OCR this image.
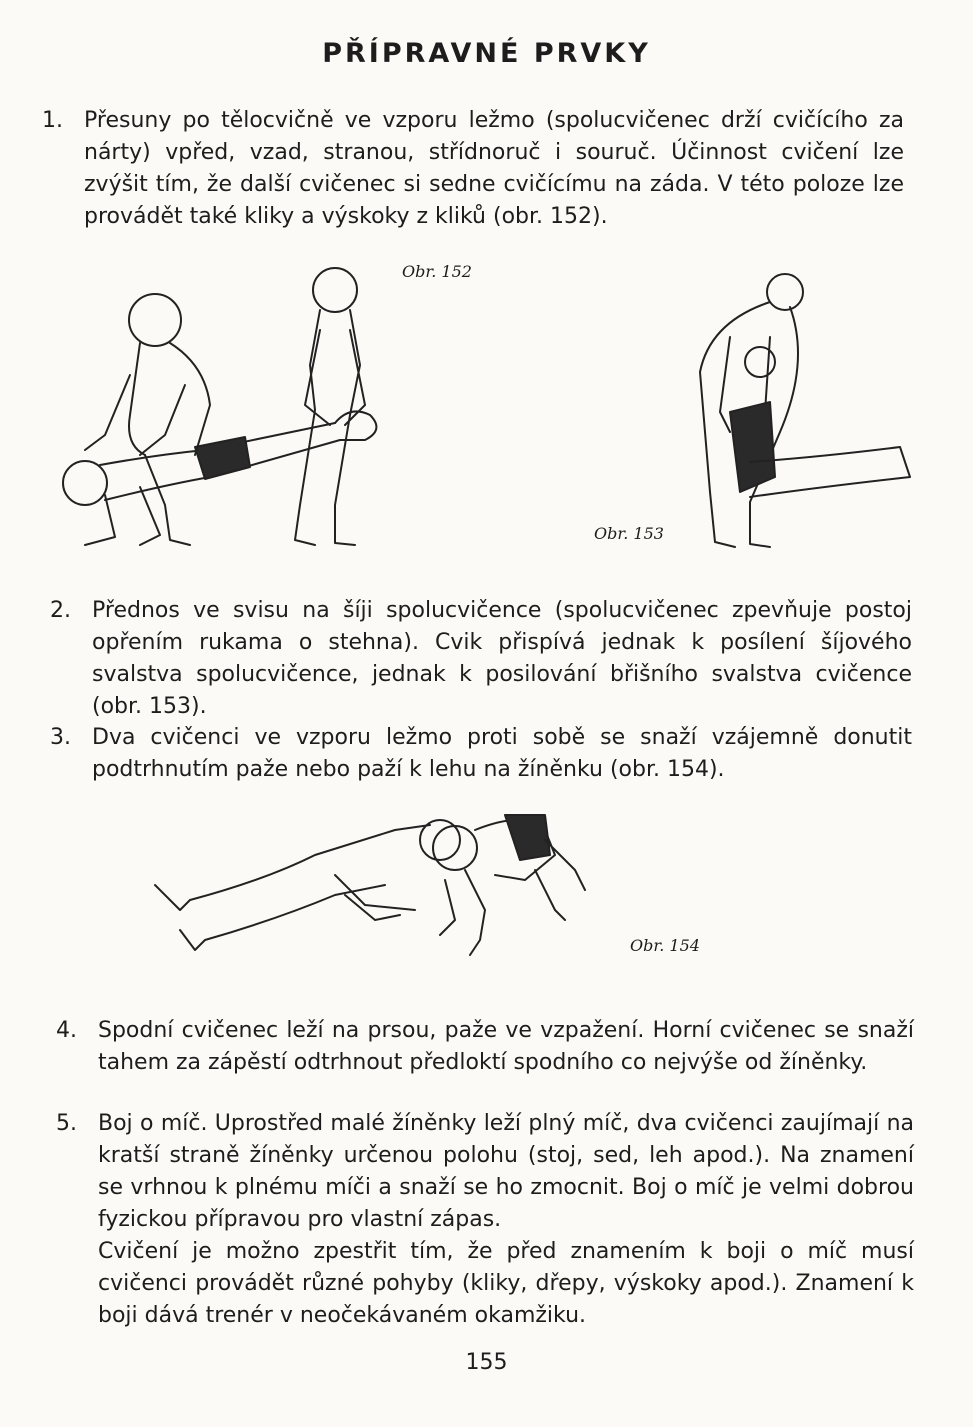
PŘÍPRAVNÉ PRVKY
1. Přesuny po tělocvičně ve vzporu ležmo (spolucvičenec drží cvičícího za nárty) vpřed, vzad, stranou, střídnoruč i souruč. Účinnost cvičení lze zvýšit tím, že další cvičenec si sedne cvičícímu na záda. V této poloze lze provádět také kliky a výskoky z kliků (obr. 152).

Obr. 152
Obr. 153
2. Přednos ve svisu na šíji spolucvičence (spolucvičenec zpevňuje postoj opřením rukama o stehna). Cvik přispívá jednak k posílení šíjového svalstva spolucvičence, jednak k posilování břišního svalstva cvičence (obr. 153).

3. Dva cvičenci ve vzporu ležmo proti sobě se snaží vzájemně donutit podtrhnutím paže nebo paží k lehu na žíněnku (obr. 154).

Obr. 154
4. Spodní cvičenec leží na prsou, paže ve vzpažení. Horní cvičenec se snaží tahem za zápěstí odtrhnout předloktí spodního co nejvýše od žíněnky.

5. Boj o míč. Uprostřed malé žíněnky leží plný míč, dva cvičenci zaujímají na kratší straně žíněnky určenou polohu (stoj, sed, leh apod.). Na znamení se vrhnou k plnému míči a snaží se ho zmocnit. Boj o míč je velmi dobrou fyzickou přípravou pro vlastní zápas.

Cvičení je možno zpestřit tím, že před znamením k boji o míč musí cvičenci provádět různé pohyby (kliky, dřepy, výskoky apod.). Znamení k boji dává trenér v neočekávaném okamžiku.

155
